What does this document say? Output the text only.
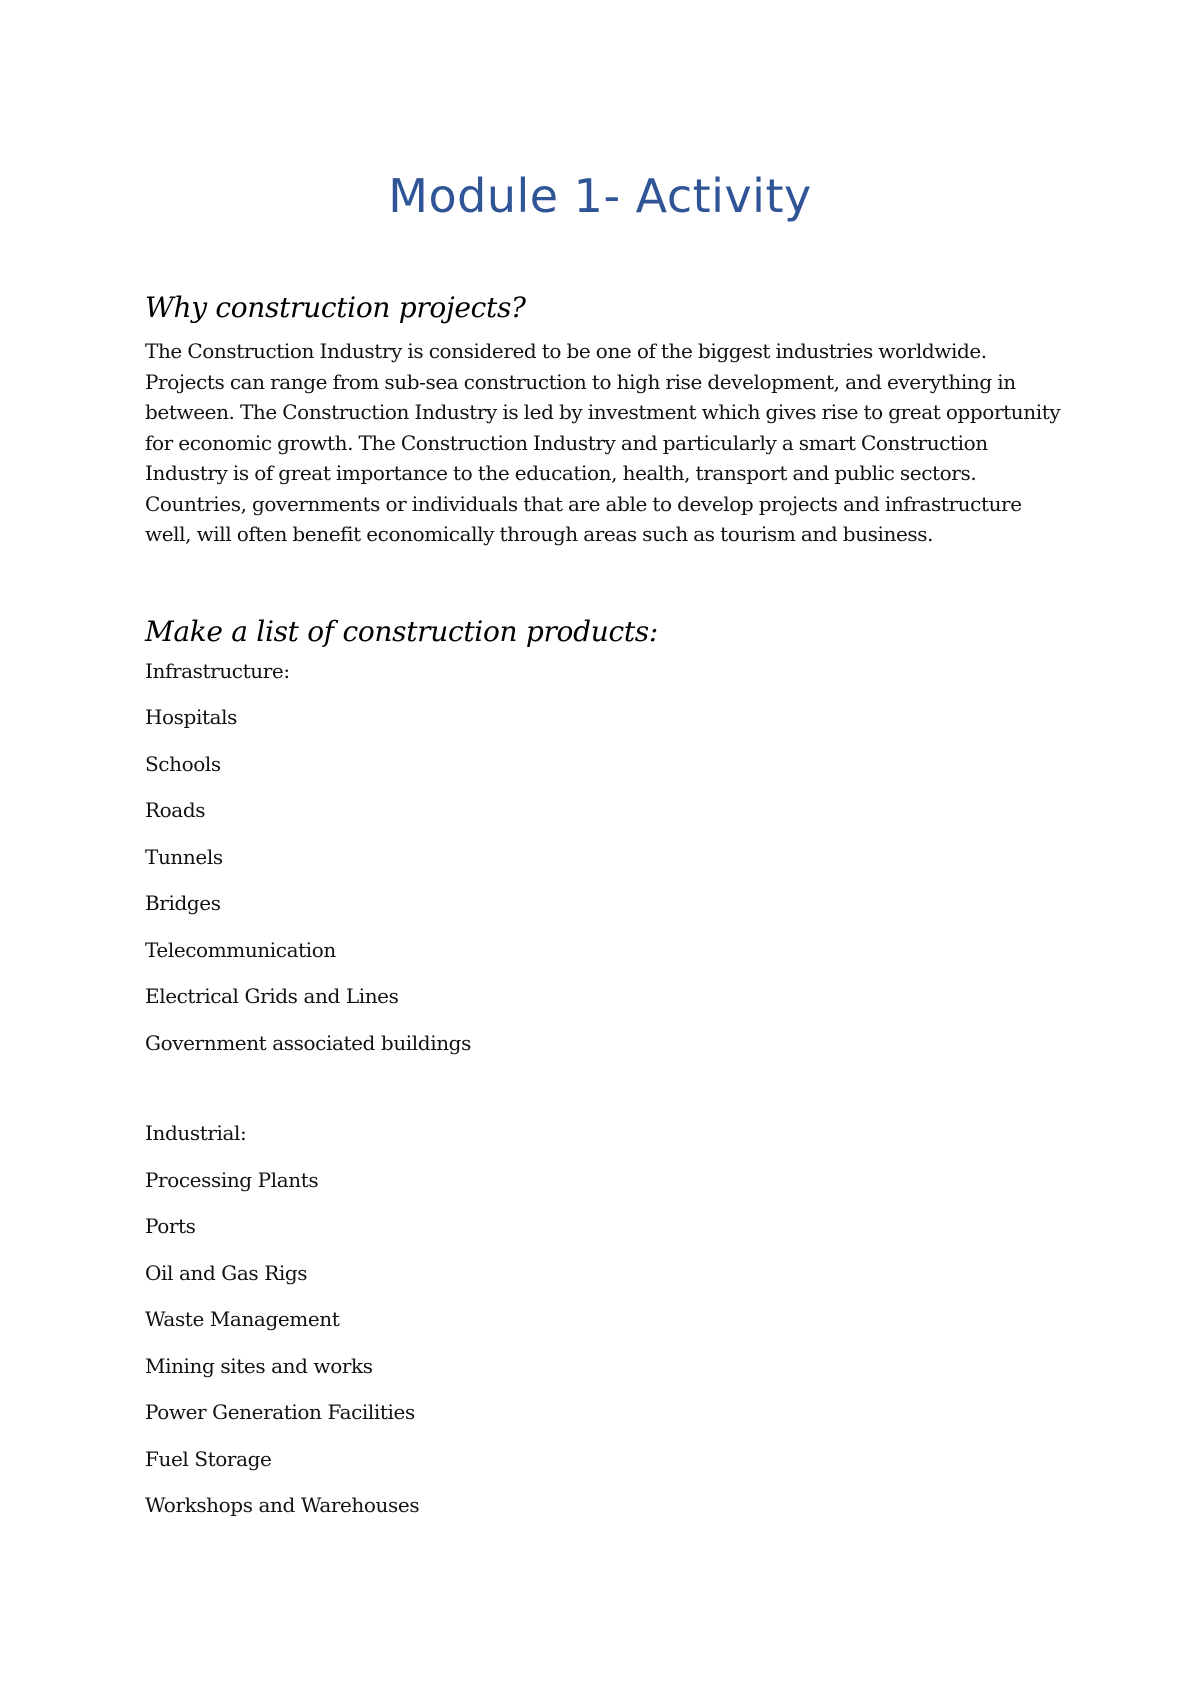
Module 1- Activity
Why construction projects?

The Construction Industry is considered to be one of the biggest industries worldwide.

Projects can range from sub-sea construction to high rise development, and everything in

between. The Construction Industry is led by investment which gives rise to great opportunity

for economic growth. The Construction Industry and particularly a smart Construction

Industry is of great importance to the education, health, transport and public sectors.

Countries, governments or individuals that are able to develop projects and infrastructure

well, will often benefit economically through areas such as tourism and business.

Make a list of construction products:

Infrastructure:

Hospitals
Schools
Roads
Tunnels
Bridges
Telecommunication
Electrical Grids and Lines
Government associated buildings

Industrial:

Processing Plants
Ports
Oil and Gas Rigs
Waste Management
Mining sites and works
Power Generation Facilities
Fuel Storage
Workshops and Warehouses
